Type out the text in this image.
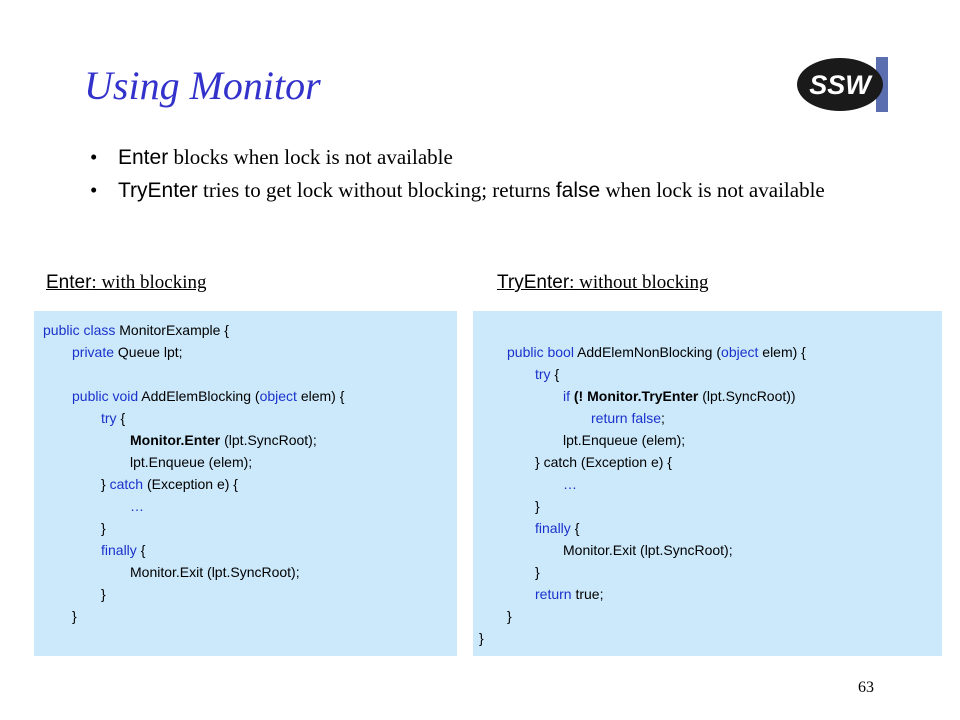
Using Monitor	SSW
• Enter blocks when lock is not available
• TryEnter tries to get lock without blocking; returns false when lock is not available
Enter: with blocking	TryEnter: without blocking
public class MonitorExample {
private Queue lpt;
public void AddElemBlocking (object elem) {
try {
Monitor.Enter (lpt.SyncRoot);
lpt.Enqueue (elem);
} catch (Exception e) {
…
}
finally {
Monitor.Exit (lpt.SyncRoot);
}
}
public bool AddElemNonBlocking (object elem) {
try {
if (! Monitor.TryEnter (lpt.SyncRoot))
return false;
lpt.Enqueue (elem);
} catch (Exception e) {
…
}
finally {
Monitor.Exit (lpt.SyncRoot);
}
return true;
}
}
63
